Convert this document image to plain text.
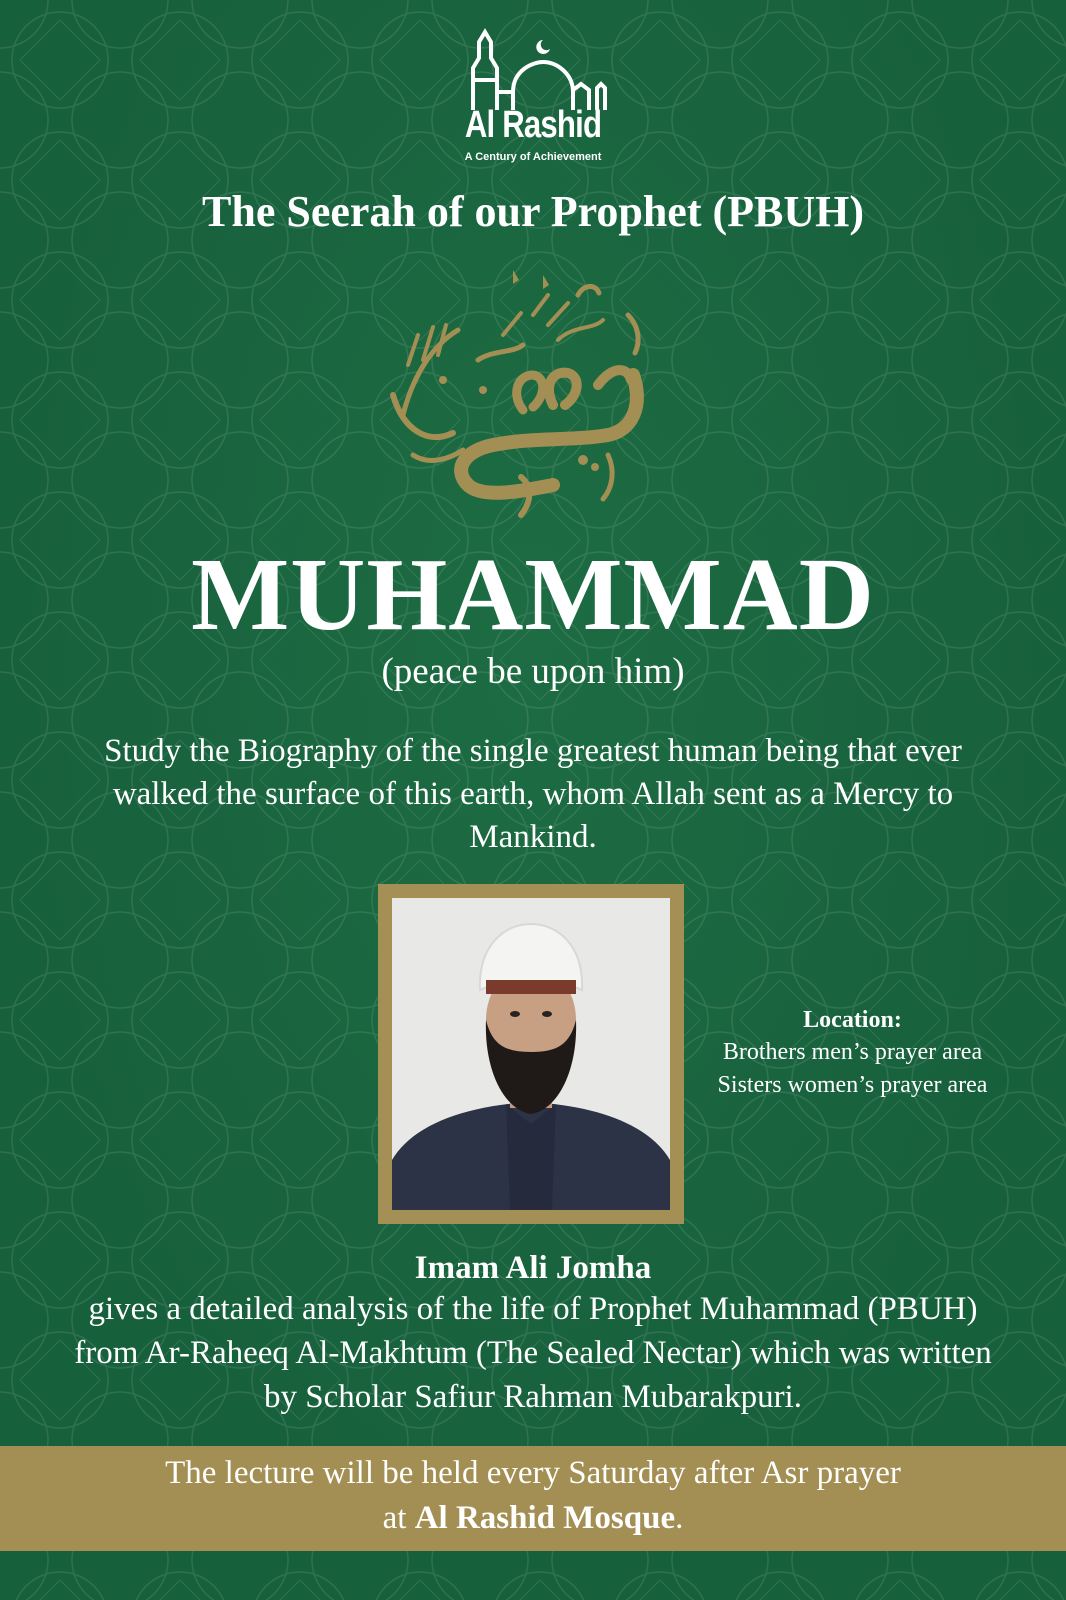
Al Rashid
A Century of Achievement
The Seerah of our Prophet (PBUH)
MUHAMMAD
(peace be upon him)
Study the Biography of the single greatest human being that ever walked the surface of this earth, whom Allah sent as a Mercy to Mankind.
Location:
Brothers men’s prayer area
Sisters women’s prayer area
Imam Ali Jomha
gives a detailed analysis of the life of Prophet Muhammad (PBUH) from Ar-Raheeq Al-Makhtum (The Sealed Nectar) which was written by Scholar Safiur Rahman Mubarakpuri.
The lecture will be held every Saturday after Asr prayer
at Al Rashid Mosque.
